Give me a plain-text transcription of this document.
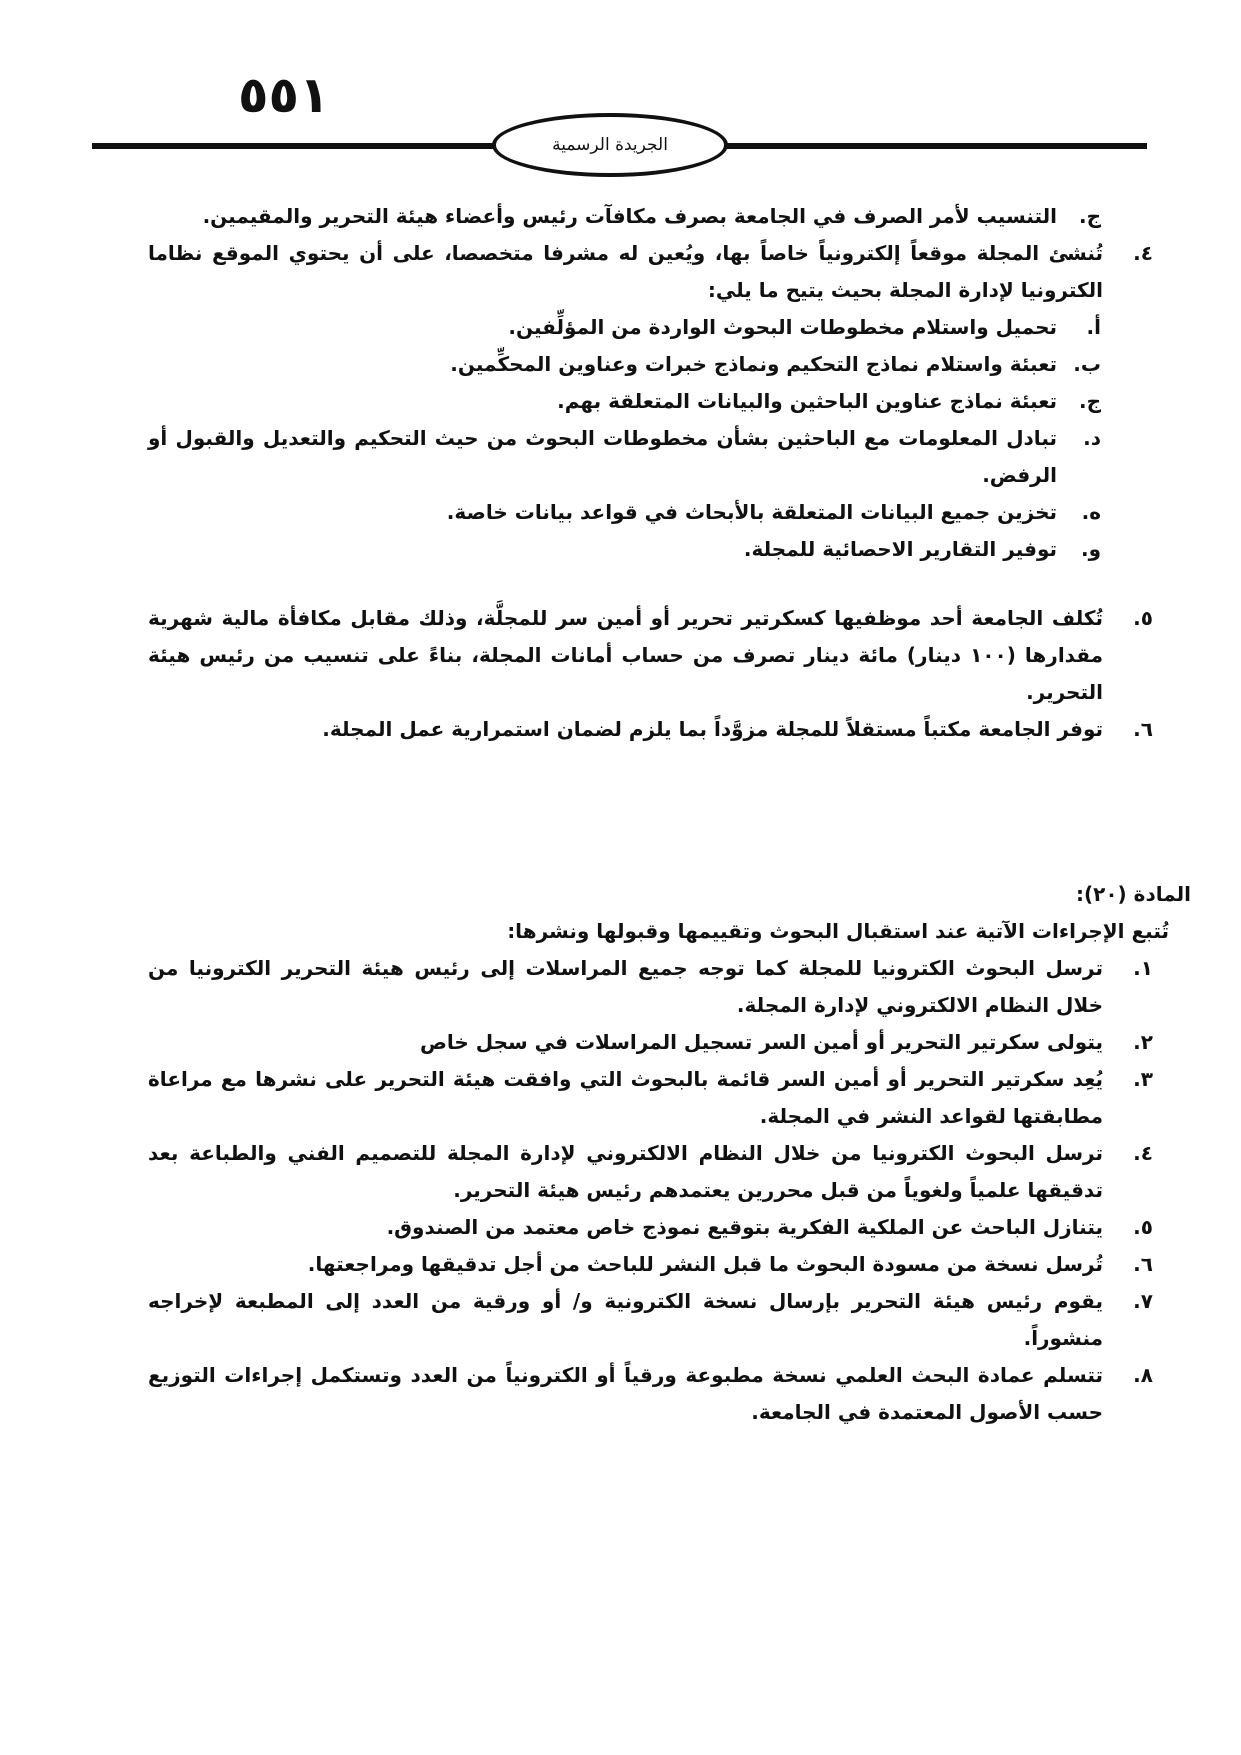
٥٥١
الجريدة الرسمية
ج.
التنسيب لأمر الصرف في الجامعة بصرف مكافآت رئيس وأعضاء هيئة التحرير والمقيمين.
٤.
تُنشئ المجلة موقعاً إلكترونياً خاصاً بها، ويُعين له مشرفا متخصصا، على أن يحتوي الموقع نظاما الكترونيا لإدارة المجلة بحيث يتيح ما يلي:
أ.
تحميل واستلام مخطوطات البحوث الواردة من المؤلِّفين.
ب.
تعبئة واستلام نماذج التحكيم ونماذج خبرات وعناوين المحكِّمين.
ج.
تعبئة نماذج عناوين الباحثين والبيانات المتعلقة بهم.
د.
تبادل المعلومات مع الباحثين بشأن مخطوطات البحوث من حيث التحكيم والتعديل والقبول أو الرفض.
ه.
تخزين جميع البيانات المتعلقة بالأبحاث في قواعد بيانات خاصة.
و.
توفير التقارير الاحصائية للمجلة.
٥.
تُكلف الجامعة أحد موظفيها كسكرتير تحرير أو أمين سر للمجلَّة، وذلك مقابل مكافأة مالية شهرية مقدارها (١٠٠ دينار) مائة دينار تصرف من حساب أمانات المجلة، بناءً على تنسيب من رئيس هيئة التحرير.
٦.
توفر الجامعة مكتباً مستقلاً للمجلة مزوَّداً بما يلزم لضمان استمرارية عمل المجلة.
المادة (٢٠):
تُتبع الإجراءات الآتية عند استقبال البحوث وتقييمها وقبولها ونشرها:
١.
ترسل البحوث الكترونيا للمجلة كما توجه جميع المراسلات إلى رئيس هيئة التحرير الكترونيا من خلال النظام الالكتروني لإدارة المجلة.
٢.
يتولى سكرتير التحرير أو أمين السر تسجيل المراسلات في سجل خاص
٣.
يُعِد سكرتير التحرير أو أمين السر قائمة بالبحوث التي وافقت هيئة التحرير على نشرها مع مراعاة مطابقتها لقواعد النشر في المجلة.
٤.
ترسل البحوث الكترونيا من خلال النظام الالكتروني لإدارة المجلة للتصميم الفني والطباعة بعد تدقيقها علمياً ولغوياً من قبل محررين يعتمدهم رئيس هيئة التحرير.
٥.
يتنازل الباحث عن الملكية الفكرية بتوقيع نموذج خاص معتمد من الصندوق.
٦.
تُرسل نسخة من مسودة البحوث ما قبل النشر للباحث من أجل تدقيقها ومراجعتها.
٧.
يقوم رئيس هيئة التحرير بإرسال نسخة الكترونية و/ أو ورقية من العدد إلى المطبعة لإخراجه منشوراً.
٨.
تتسلم عمادة البحث العلمي نسخة مطبوعة ورقياً أو الكترونياً من العدد وتستكمل إجراءات التوزيع حسب الأصول المعتمدة في الجامعة.
